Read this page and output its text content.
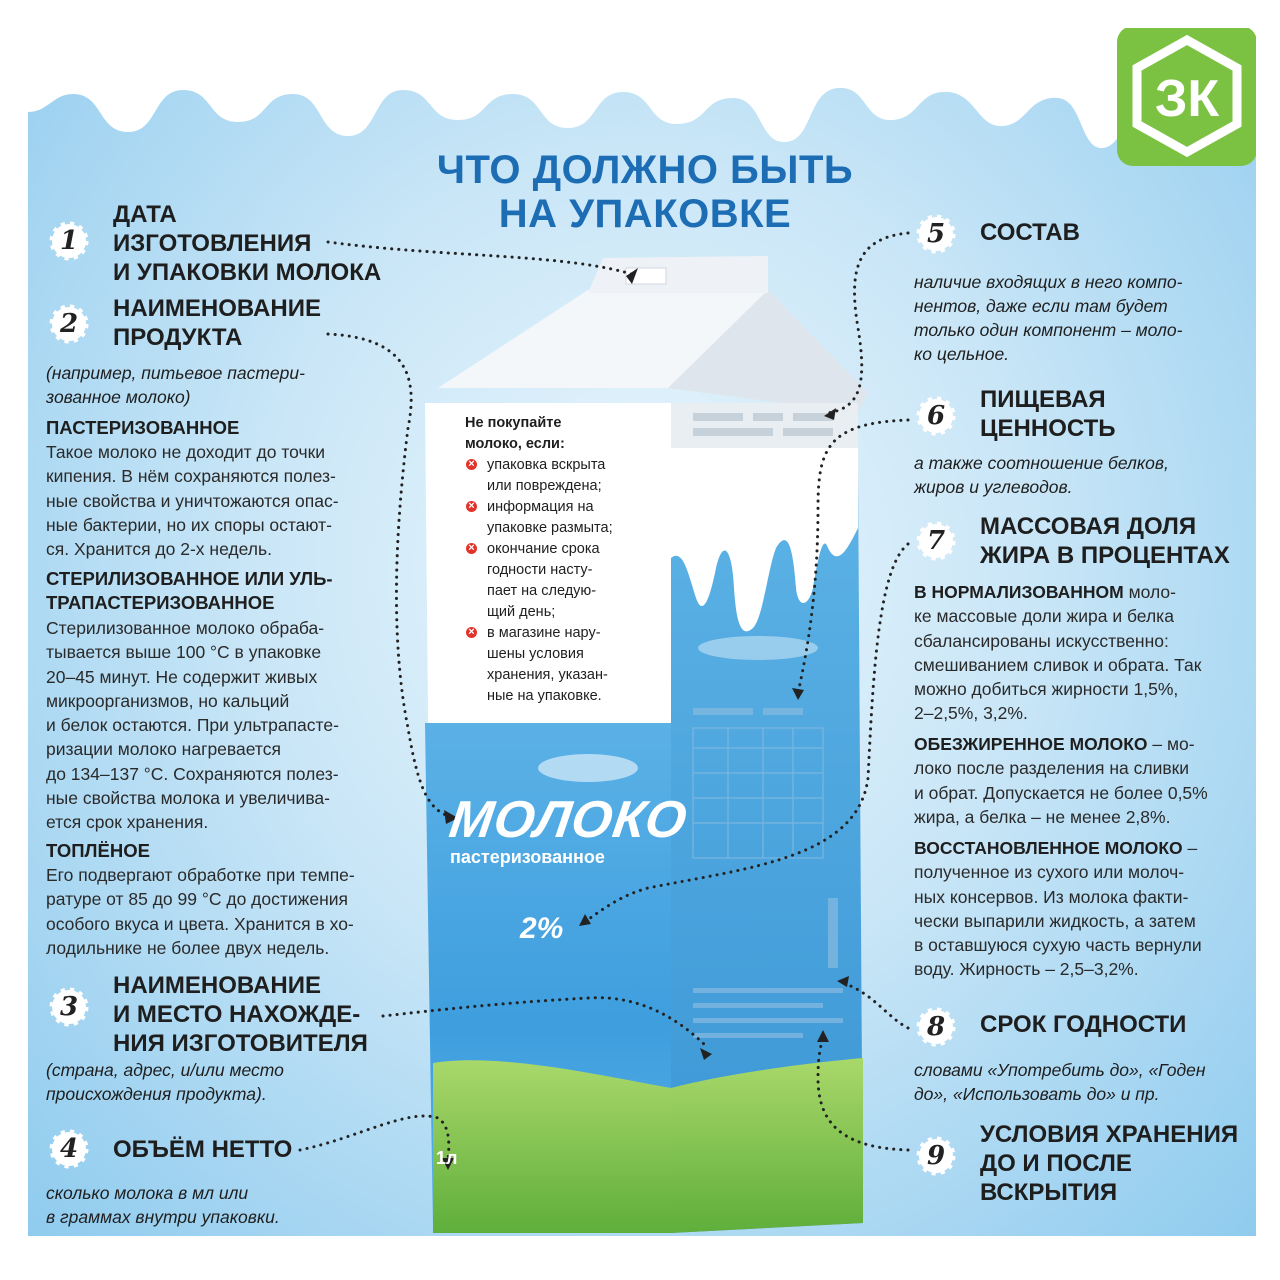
ЗК
ЧТО ДОЛЖНО БЫТЬ
НА УПАКОВКЕ
1
ДАТА
ИЗГОТОВЛЕНИЯ
И УПАКОВКИ МОЛОКА
2
НАИМЕНОВАНИЕ
ПРОДУКТА
(например, питьевое пастери-
зованное молоко)
ПАСТЕРИЗОВАННОЕ
Такое молоко не доходит до точки
кипения. В нём сохраняются полез-
ные свойства и уничтожаются опас-
ные бактерии, но их споры остают-
ся. Хранится до 2-х недель.
СТЕРИЛИЗОВАННОЕ ИЛИ УЛЬ-
ТРАПАСТЕРИЗОВАННОЕ
Стерилизованное молоко обраба-
тывается выше 100 °С в упаковке
20–45 минут. Не содержит живых
микроорганизмов, но кальций
и белок остаются. При ультрапасте-
ризации молоко нагревается
до 134–137 °С. Сохраняются полез-
ные свойства молока и увеличива-
ется срок хранения.
ТОПЛЁНОЕ
Его подвергают обработке при темпе-
ратуре от 85 до 99 °С до достижения
особого вкуса и цвета. Хранится в хо-
лодильнике не более двух недель.
3
НАИМЕНОВАНИЕ
И МЕСТО НАХОЖДЕ-
НИЯ ИЗГОТОВИТЕЛЯ
(страна, адрес, и/или место
происхождения продукта).
4	ОБЪЁМ НЕТТО
сколько молока в мл или
в граммах внутри упаковки.
5	СОСТАВ
наличие входящих в него компо-
нентов, даже если там будет
только один компонент – моло-
ко цельное.
6
ПИЩЕВАЯ
ЦЕННОСТЬ
а также соотношение белков,
жиров и углеводов.
7	МАССОВАЯ ДОЛЯ
ЖИРА В ПРОЦЕНТАХ
В НОРМАЛИЗОВАННОМ моло-
ке массовые доли жира и белка
сбалансированы искусственно:
смешиванием сливок и обрата. Так
можно добиться жирности 1,5%,
2–2,5%, 3,2%.
ОБЕЗЖИРЕННОЕ МОЛОКО – мо-
локо после разделения на сливки
и обрат. Допускается не более 0,5%
жира, а белка – не менее 2,8%.
ВОССТАНОВЛЕННОЕ МОЛОКО –
полученное из сухого или молоч-
ных консервов. Из молока факти-
чески выпарили жидкость, а затем
в оставшуюся сухую часть вернули
воду. Жирность – 2,5–3,2%.
8	СРОК ГОДНОСТИ
словами «Употребить до», «Годен
до», «Использовать до» и пр.
9
УСЛОВИЯ ХРАНЕНИЯ
ДО И ПОСЛЕ
ВСКРЫТИЯ
Не покупайте
молоко, если:
×
упаковка вскрыта
или повреждена;
×
информация на
упаковке размыта;
×
окончание срока
годности насту-
пает на следую-
щий день;
×
в магазине нару-
шены условия
хранения, указан-
ные на упаковке.
МОЛОКО
пастеризованное
2%
1л
